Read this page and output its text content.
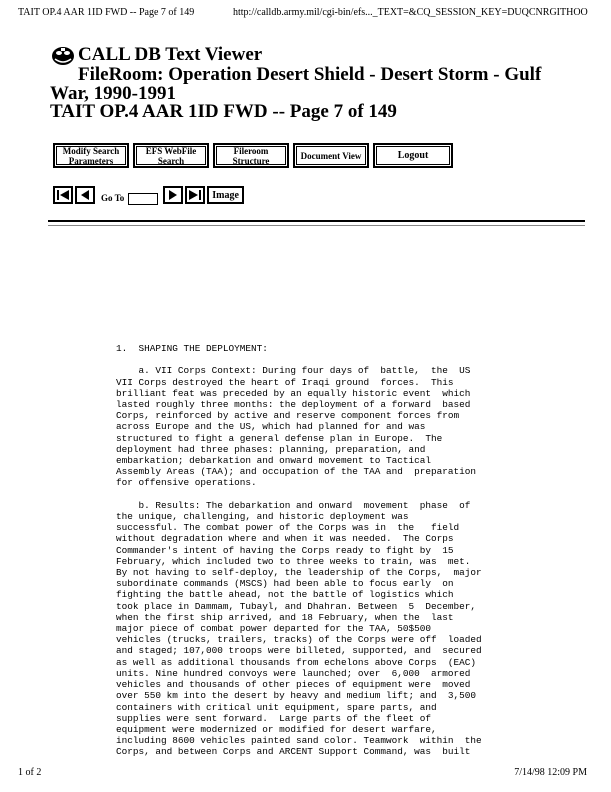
TAIT OP.4 AAR 1ID FWD -- Page 7 of 149	http://calldb.army.mil/cgi-bin/efs..._TEXT=&CQ_SESSION_KEY=DUQCNRGITHOO
CALL DB Text Viewer
FileRoom: Operation Desert Shield - Desert Storm - Gulf
War, 1990-1991
TAIT OP.4 AAR 1ID FWD -- Page 7 of 149
Modify Search Parameters
EFS WebFile Search
Fileroom Structure	Document View	Logout
Go To	Image
1.  SHAPING THE DEPLOYMENT:

a. VII Corps Context: During four days of  battle,  the  US
VII Corps destroyed the heart of Iraqi ground  forces.  This
brilliant feat was preceded by an equally historic event  which
lasted roughly three months: the deployment of a forward  based
Corps, reinforced by active and reserve component forces from
across Europe and the US, which had planned for and was
structured to fight a general defense plan in Europe.  The
deployment had three phases: planning, preparation, and
embarkation; debarkation and onward movement to Tactical
Assembly Areas (TAA); and occupation of the TAA and  preparation
for offensive operations.

b. Results: The debarkation and onward  movement  phase  of
the unique, challenging, and historic deployment was
successful. The combat power of the Corps was in  the   field
without degradation where and when it was needed.  The Corps
Commander's intent of having the Corps ready to fight by  15
February, which included two to three weeks to train, was  met.
By not having to self-deploy, the leadership of the Corps,  major
subordinate commands (MSCS) had been able to focus early  on
fighting the battle ahead, not the battle of logistics which
took place in Dammam, Tubayl, and Dhahran. Between  5  December,
when the first ship arrived, and 18 February, when the  last
major piece of combat power departed for the TAA, 50$500
vehicles (trucks, trailers, tracks) of the Corps were off  loaded
and staged; 107,000 troops were billeted, supported, and  secured
as well as additional thousands from echelons above Corps  (EAC)
units. Nine hundred convoys were launched; over  6,000  armored
vehicles and thousands of other pieces of equipment were  moved
over 550 km into the desert by heavy and medium lift; and  3,500
containers with critical unit equipment, spare parts, and
supplies were sent forward.  Large parts of the fleet of
equipment were modernized or modified for desert warfare,
including 8600 vehicles painted sand color. Teamwork  within  the
Corps, and between Corps and ARCENT Support Command, was  built

1 of 2	7/14/98 12:09 PM
